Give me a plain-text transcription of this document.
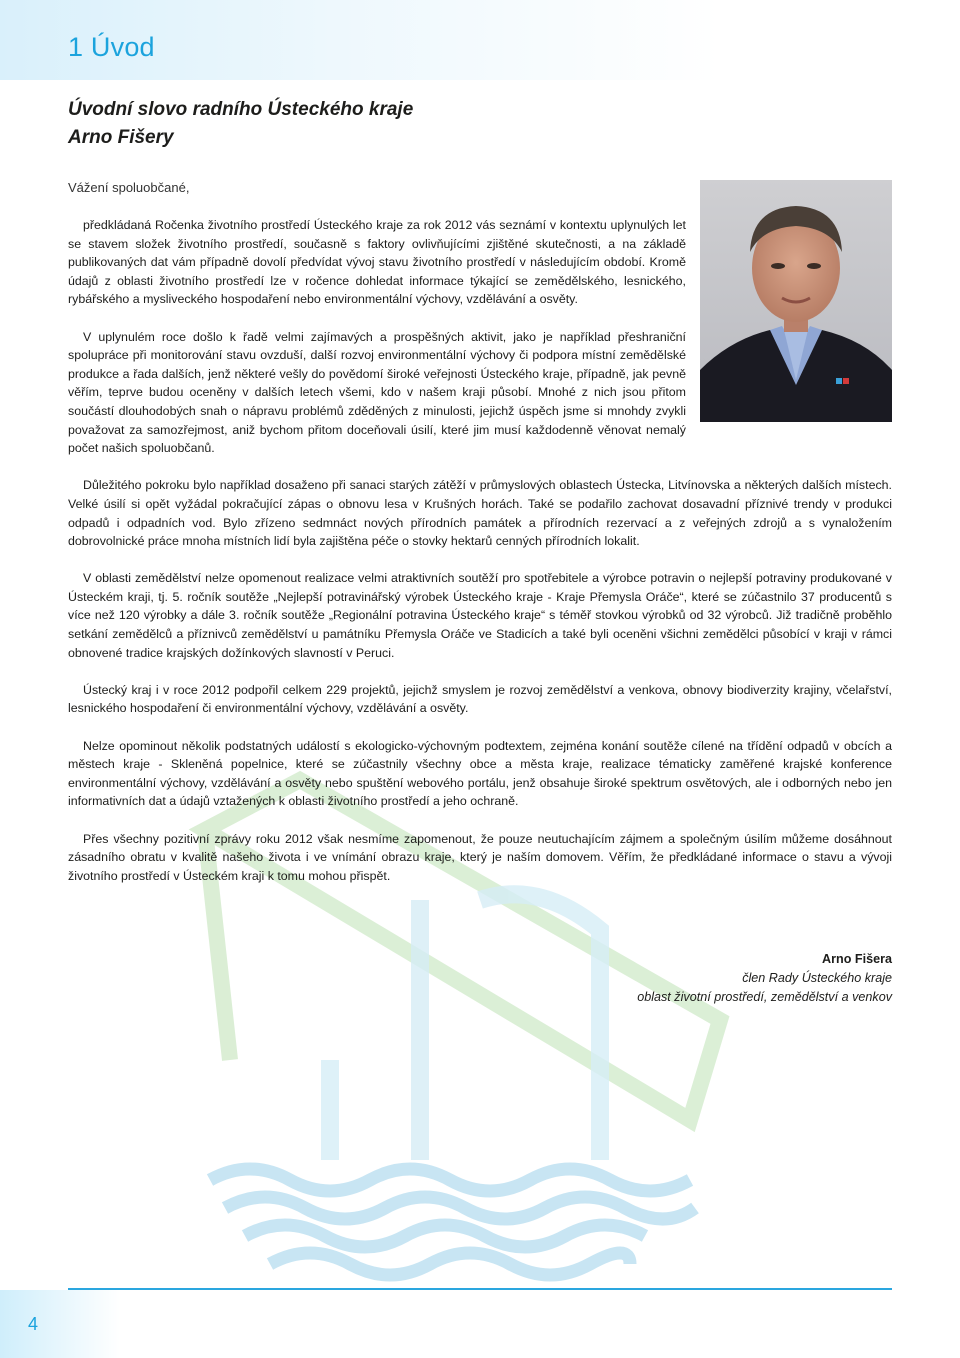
1 Úvod
Úvodní slovo radního Ústeckého kraje
Arno Fišery

Vážení spoluobčané,

předkládaná Ročenka životního prostředí Ústeckého kraje za rok 2012 vás seznámí v kontextu uplynulých let se stavem složek životního prostředí, současně s faktory ovlivňujícími zjištěné skutečnosti, a na základě publikovaných dat vám případně dovolí předvídat vývoj stavu životního prostředí v následujícím období. Kromě údajů z oblasti životního prostředí lze v ročence dohledat informace týkající se zemědělského, lesnického, rybářského a mysliveckého hospodaření nebo environmentální výchovy, vzdělávání a osvěty.

V uplynulém roce došlo k řadě velmi zajímavých a prospěšných aktivit, jako je například přeshraniční spolupráce při monitorování stavu ovzduší, další rozvoj environmentální výchovy či podpora místní zemědělské produkce a řada dalších, jenž některé vešly do povědomí široké veřejnosti Ústeckého kraje, případně, jak pevně věřím, teprve budou oceněny v dalších letech všemi, kdo v našem kraji působí. Mnohé z nich jsou přitom součástí dlouhodobých snah o nápravu problémů zděděných z minulosti, jejichž úspěch jsme si mnohdy zvykli považovat za samozřejmost, aniž bychom přitom doceňovali úsilí, které jim musí každodenně věnovat nemalý počet našich spoluobčanů.

Důležitého pokroku bylo například dosaženo při sanaci starých zátěží v průmyslových oblastech Ústecka, Litvínovska a některých dalších místech. Velké úsilí si opět vyžádal pokračující zápas o obnovu lesa v Krušných horách. Také se podařilo zachovat dosavadní příznivé trendy v produkci odpadů i odpadních vod. Bylo zřízeno sedmnáct nových přírodních památek a přírodních rezervací a z veřejných zdrojů a s vynaložením dobrovolnické práce mnoha místních lidí byla zajištěna péče o stovky hektarů cenných přírodních lokalit.

V oblasti zemědělství nelze opomenout realizace velmi atraktivních soutěží pro spotřebitele a výrobce potravin o nejlepší potraviny produkované v Ústeckém kraji, tj. 5. ročník soutěže „Nejlepší potravinářský výrobek Ústeckého kraje - Kraje Přemysla Oráče“, které se zúčastnilo 37 producentů s více než 120 výrobky a dále 3. ročník soutěže „Regionální potravina Ústeckého kraje“ s téměř stovkou výrobků od 32 výrobců. Již tradičně proběhlo setkání zemědělců a příznivců zemědělství u památníku Přemysla Oráče ve Stadicích a také byli oceněni všichni zemědělci působící v kraji v rámci obnovené tradice krajských dožínkových slavností v Peruci.

Ústecký kraj i v roce 2012 podpořil celkem 229 projektů, jejichž smyslem je rozvoj zemědělství a venkova, obnovy biodiverzity krajiny, včelařství, lesnického hospodaření či environmentální výchovy, vzdělávání a osvěty.

Nelze opominout několik podstatných událostí s ekologicko-výchovným podtextem, zejména konání soutěže cílené na třídění odpadů v obcích a městech kraje - Skleněná popelnice, které se zúčastnily všechny obce a města kraje, realizace tématicky zaměřené krajské konference environmentální výchovy, vzdělávání a osvěty nebo spuštění webového portálu, jenž obsahuje široké spektrum osvětových, ale i odborných nebo jen informativních dat a údajů vztažených k oblasti životního prostředí a jeho ochraně.

Přes všechny pozitivní zprávy roku 2012 však nesmíme zapomenout, že pouze neutuchajícím zájmem a společným úsilím můžeme dosáhnout zásadního obratu v kvalitě našeho života i ve vnímání obrazu kraje, který je naším domovem. Věřím, že předkládané informace o stavu a vývoji životního prostředí v Ústeckém kraji k tomu mohou přispět.

Arno Fišera
člen Rady Ústeckého kraje
oblast životní prostředí, zemědělství a venkov
4
